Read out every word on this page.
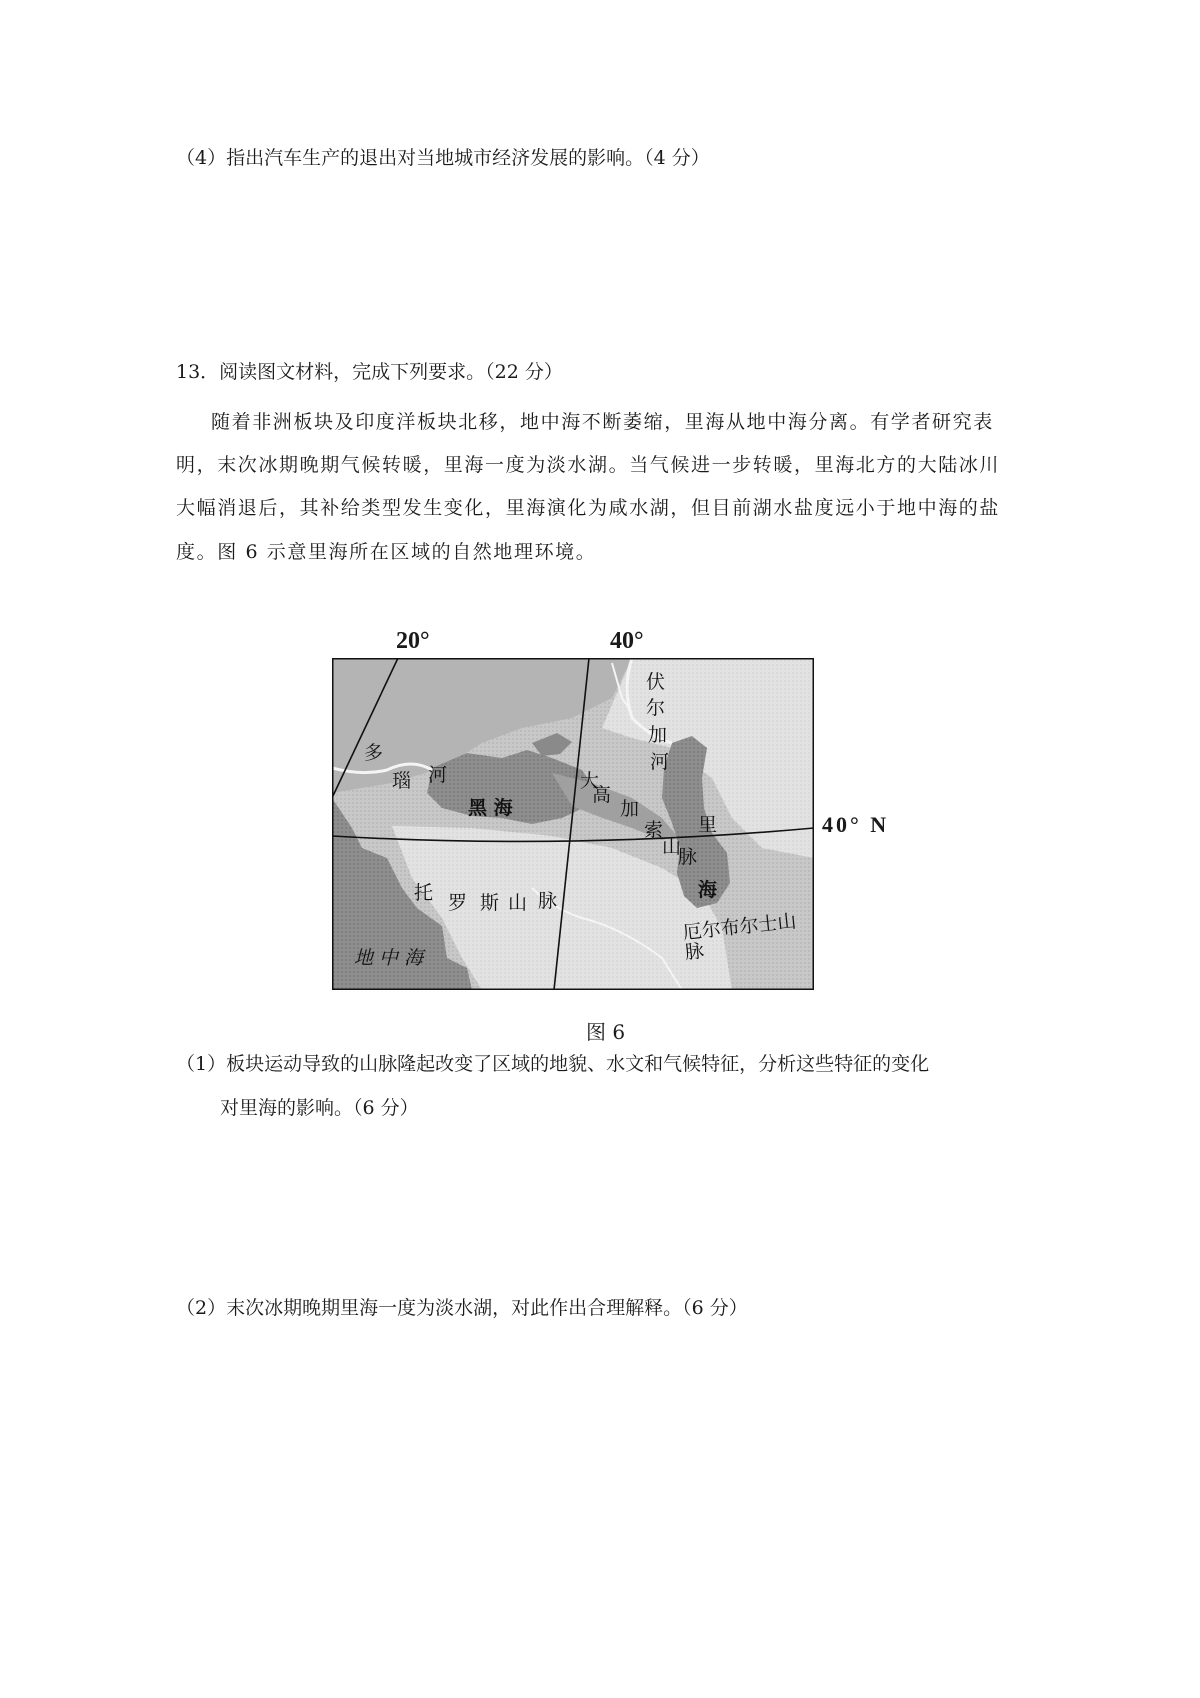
（4）指出汽车生产的退出对当地城市经济发展的影响。（4 分）
13．阅读图文材料，完成下列要求。（22 分）
随着非洲板块及印度洋板块北移，地中海不断萎缩，里海从地中海分离。有学者研究表
明，末次冰期晚期气候转暖，里海一度为淡水湖。当气候进一步转暖，里海北方的大陆冰川
大幅消退后，其补给类型发生变化，里海演化为咸水湖，但目前湖水盐度远小于地中海的盐
度。图 6 示意里海所在区域的自然地理环境。
20°	40°
伏
尔
加
河
多
瑙 河
黑 海
大
高
加
索
山
脉
里
海
托 罗 斯 山 脉
厄尔布尔士山脉
地 中 海
40° N
图 6
（1）板块运动导致的山脉隆起改变了区域的地貌、水文和气候特征，分析这些特征的变化
对里海的影响。（6 分）
（2）末次冰期晚期里海一度为淡水湖，对此作出合理解释。（6 分）
